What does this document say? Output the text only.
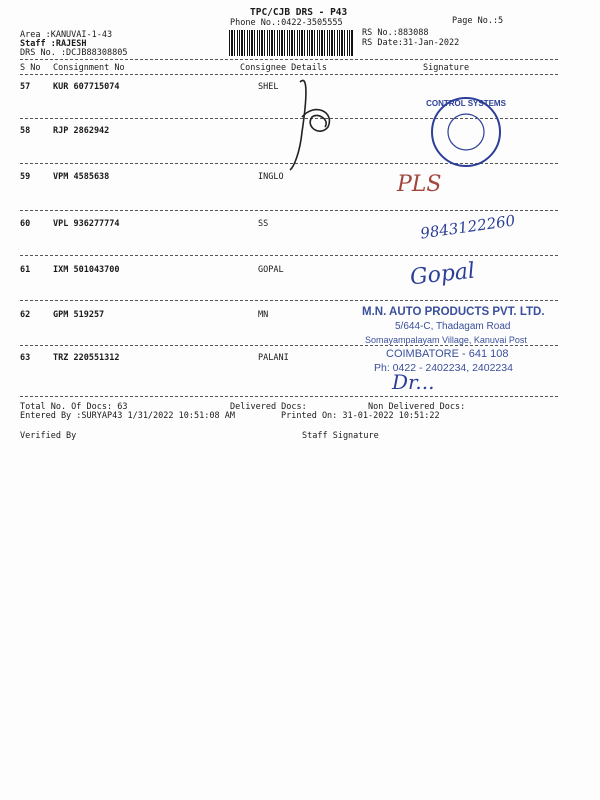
TPC/CJB DRS - P43
Phone No.:0422-3505555	Page No.:5
Area :KANUVAI-1-43
Staff :RAJESH
DRS No. :DCJB88308805
RS No.:883088
RS Date:31-Jan-2022
S No Consignment No	Consignee Details	Signature
57	KUR 607715074	SHEL
58	RJP 2862942
59	VPM 4585638	INGLO
60	VPL 936277774	SS
61	IXM 501043700	GOPAL
62	GPM 519257	MN
63	TRZ 220551312	PALANI
Total No. Of Docs: 63	Delivered Docs:	Non Delivered Docs:
Entered By :SURYAP43 1/31/2022 10:51:08 AM	Printed On: 31-01-2022 10:51:22
Verified By	Staff Signature
CONTROL SYSTEMS
PLS
9843122260
Gopal
M.N. AUTO PRODUCTS PVT. LTD.
5/644-C, Thadagam Road
Somayampalayam Village, Kanuvai Post
COIMBATORE - 641 108
Ph: 0422 - 2402234, 2402234
Dr...
